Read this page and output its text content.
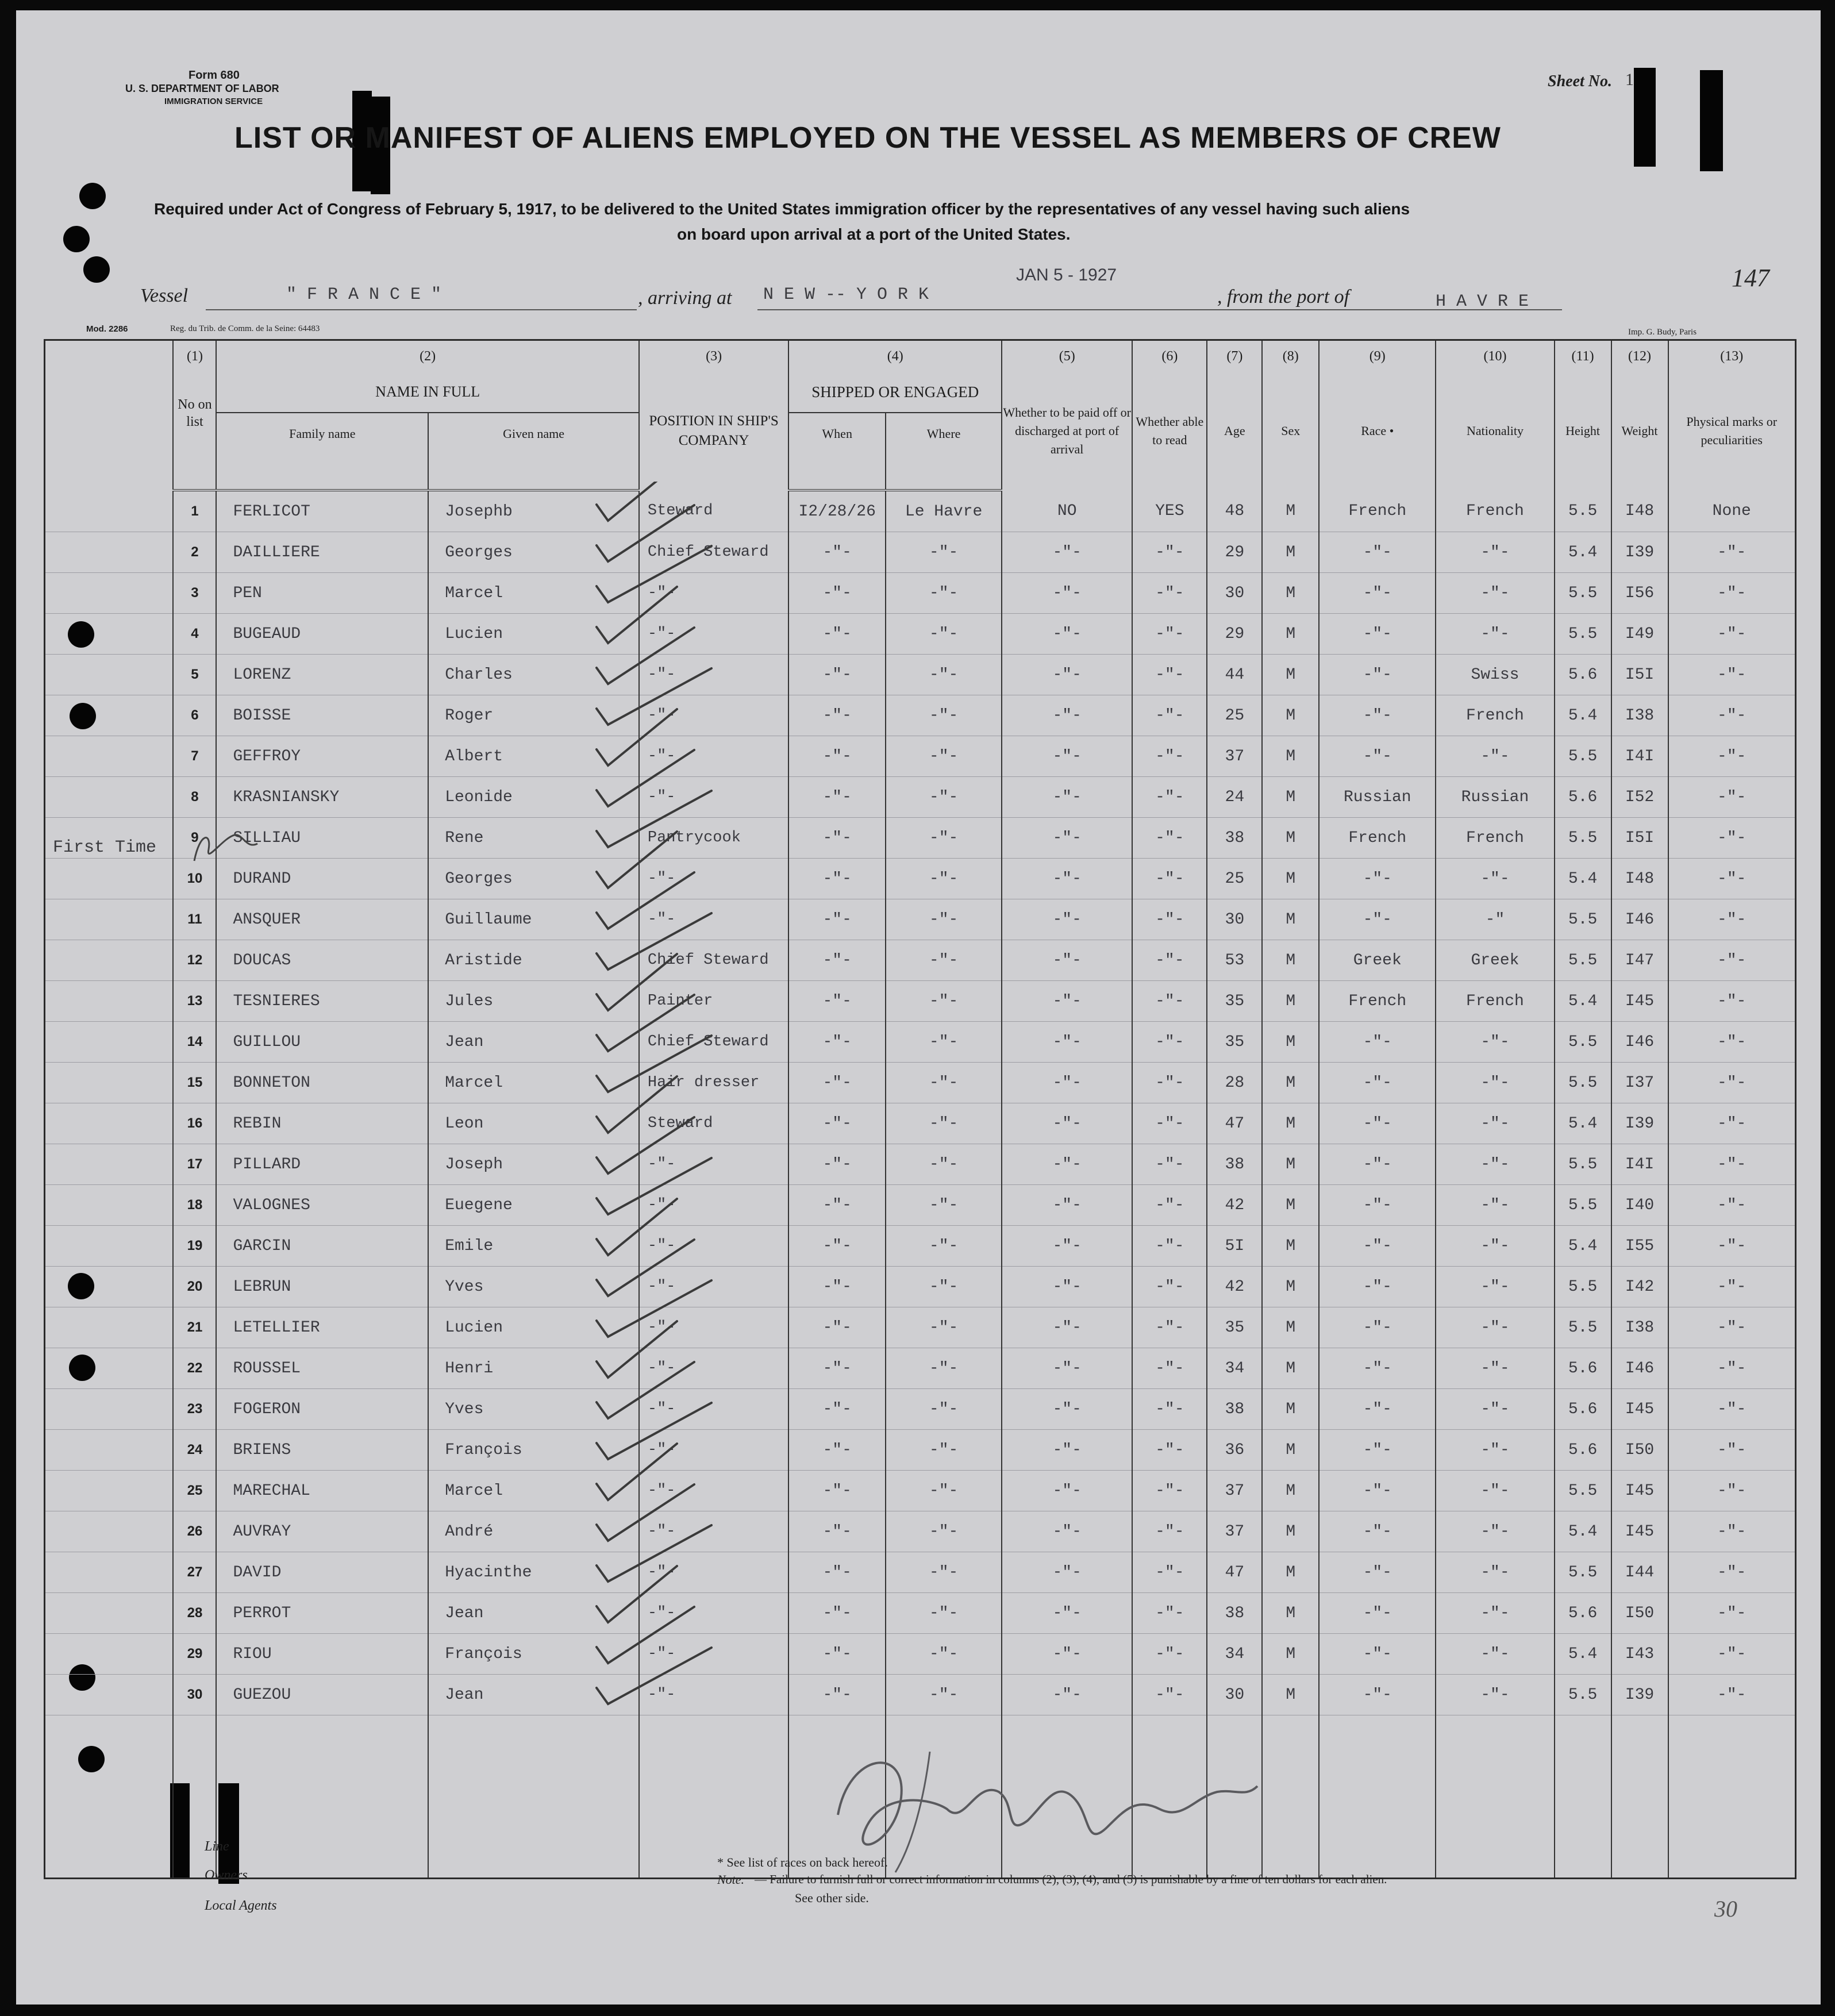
Form 680
U. S. DEPARTMENT OF LABOR
IMMIGRATION SERVICE
Sheet No. 1
LIST OR MANIFEST OF ALIENS EMPLOYED ON THE VESSEL AS MEMBERS OF CREW
Required under Act of Congress of February 5, 1917, to be delivered to the United States immigration officer by the representatives of any vessel having such aliens
on board upon arrival at a port of the United States.
Vessel	" F R A N C E "	, arriving at N E W -- Y O R K
JAN 5 - 1927
, from the port of	H A V R E
147
Mod. 2286	Reg. du Trib. de Comm. de la Seine: 64483	Imp. G. Budy, Paris
First Time
	(1)	(2)		(3)	(4)		(5)	(6)	(7)	(8)	(9)	(10)	(11)	(12)	(13)
	No on list	NAME IN FULL		POSITION IN SHIP'S COMPANY	SHIPPED OR ENGAGED		Whether to be paid off or discharged at port of arrival	Whether able to read	Age	Sex	Race •	Nationality	Height	Weight	Physical marks or peculiarities
		Family name	Given name		When	Where									

	1	FERLICOT	Josephb	Steward	I2/28/26	Le Havre	NO	YES	48	M	French	French	5.5	I48	None
	2	DAILLIERE	Georges	Chief Steward	-"-	-"-	-"-	-"-	29	M	-"-	-"-	5.4	I39	-"-
	3	PEN	Marcel	-"-	-"-	-"-	-"-	-"-	30	M	-"-	-"-	5.5	I56	-"-
	4	BUGEAUD	Lucien	-"-	-"-	-"-	-"-	-"-	29	M	-"-	-"-	5.5	I49	-"-
	5	LORENZ	Charles	-"-	-"-	-"-	-"-	-"-	44	M	-"-	Swiss	5.6	I5I	-"-
	6	BOISSE	Roger	-"-	-"-	-"-	-"-	-"-	25	M	-"-	French	5.4	I38	-"-
	7	GEFFROY	Albert	-"-	-"-	-"-	-"-	-"-	37	M	-"-	-"-	5.5	I4I	-"-
	8	KRASNIANSKY	Leonide	-"-	-"-	-"-	-"-	-"-	24	M	Russian	Russian	5.6	I52	-"-
	9	SILLIAU	Rene	Pantrycook	-"-	-"-	-"-	-"-	38	M	French	French	5.5	I5I	-"-
	10	DURAND	Georges	-"-	-"-	-"-	-"-	-"-	25	M	-"-	-"-	5.4	I48	-"-
	11	ANSQUER	Guillaume	-"-	-"-	-"-	-"-	-"-	30	M	-"-	-"	5.5	I46	-"-
	12	DOUCAS	Aristide	Chief Steward	-"-	-"-	-"-	-"-	53	M	Greek	Greek	5.5	I47	-"-
	13	TESNIERES	Jules	Painter	-"-	-"-	-"-	-"-	35	M	French	French	5.4	I45	-"-
	14	GUILLOU	Jean	Chief Steward	-"-	-"-	-"-	-"-	35	M	-"-	-"-	5.5	I46	-"-
	15	BONNETON	Marcel	Hair dresser	-"-	-"-	-"-	-"-	28	M	-"-	-"-	5.5	I37	-"-
	16	REBIN	Leon	Steward	-"-	-"-	-"-	-"-	47	M	-"-	-"-	5.4	I39	-"-
	17	PILLARD	Joseph	-"-	-"-	-"-	-"-	-"-	38	M	-"-	-"-	5.5	I4I	-"-
	18	VALOGNES	Euegene	-"-	-"-	-"-	-"-	-"-	42	M	-"-	-"-	5.5	I40	-"-
	19	GARCIN	Emile	-"-	-"-	-"-	-"-	-"-	5I	M	-"-	-"-	5.4	I55	-"-
	20	LEBRUN	Yves	-"-	-"-	-"-	-"-	-"-	42	M	-"-	-"-	5.5	I42	-"-
	21	LETELLIER	Lucien	-"-	-"-	-"-	-"-	-"-	35	M	-"-	-"-	5.5	I38	-"-
	22	ROUSSEL	Henri	-"-	-"-	-"-	-"-	-"-	34	M	-"-	-"-	5.6	I46	-"-
	23	FOGERON	Yves	-"-	-"-	-"-	-"-	-"-	38	M	-"-	-"-	5.6	I45	-"-
	24	BRIENS	François	-"-	-"-	-"-	-"-	-"-	36	M	-"-	-"-	5.6	I50	-"-
	25	MARECHAL	Marcel	-"-	-"-	-"-	-"-	-"-	37	M	-"-	-"-	5.5	I45	-"-
	26	AUVRAY	André	-"-	-"-	-"-	-"-	-"-	37	M	-"-	-"-	5.4	I45	-"-
	27	DAVID	Hyacinthe	-"-	-"-	-"-	-"-	-"-	47	M	-"-	-"-	5.5	I44	-"-
	28	PERROT	Jean	-"-	-"-	-"-	-"-	-"-	38	M	-"-	-"-	5.6	I50	-"-
	29	RIOU	François	-"-	-"-	-"-	-"-	-"-	34	M	-"-	-"-	5.4	I43	-"-
	30	GUEZOU	Jean	-"-	-"-	-"-	-"-	-"-	30	M	-"-	-"-	5.5	I39	-"-

Line
Owners
Local Agents
* See list of races on back hereof.
Note. — Failure to furnish full or correct information in columns (2), (3), (4), and (5) is punishable by a fine of ten dollars for each alien.
See other side.	30
